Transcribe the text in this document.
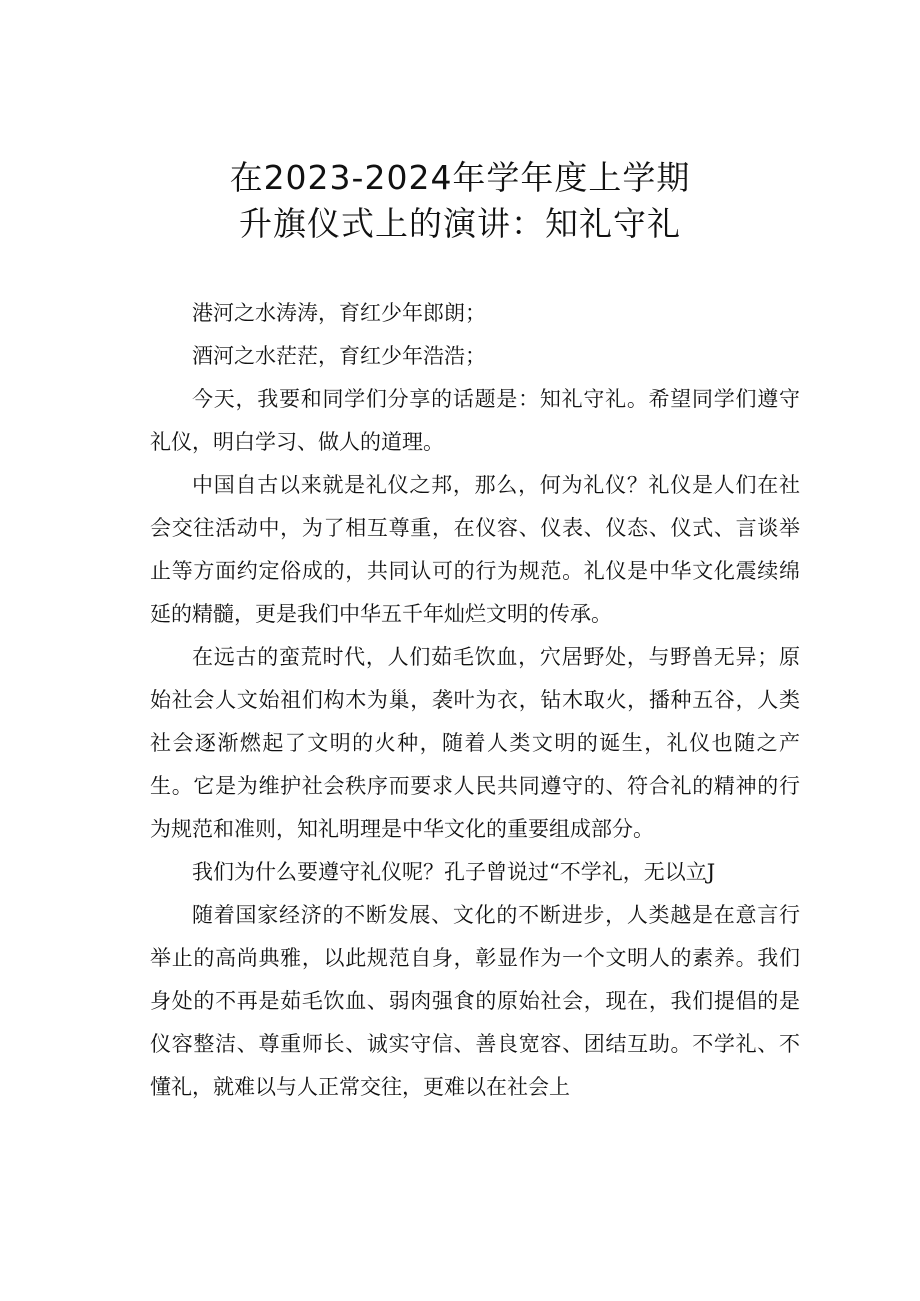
在2023-2024年学年度上学期
升旗仪式上的演讲：知礼守礼

港河之水涛涛，育红少年郎朗；

酒河之水茫茫，育红少年浩浩；

今天，我要和同学们分享的话题是：知礼守礼。希望同学们遵守礼仪，明白学习、做人的道理。

中国自古以来就是礼仪之邦，那么，何为礼仪？礼仪是人们在社会交往活动中，为了相互尊重，在仪容、仪表、仪态、仪式、言谈举止等方面约定俗成的，共同认可的行为规范。礼仪是中华文化震续绵延的精髓，更是我们中华五千年灿烂文明的传承。

在远古的蛮荒时代，人们茹毛饮血，穴居野处，与野兽无异；原始社会人文始祖们构木为巢，袭叶为衣，钻木取火，播种五谷，人类社会逐渐燃起了文明的火种，随着人类文明的诞生，礼仪也随之产生。它是为维护社会秩序而要求人民共同遵守的、符合礼的精神的行为规范和准则，知礼明理是中华文化的重要组成部分。

我们为什么要遵守礼仪呢？孔子曾说过“不学礼，无以立J

随着国家经济的不断发展、文化的不断进步，人类越是在意言行举止的高尚典雅，以此规范自身，彰显作为一个文明人的素养。我们身处的不再是茹毛饮血、弱肉强食的原始社会，现在，我们提倡的是仪容整洁、尊重师长、诚实守信、善良宽容、团结互助。不学礼、不懂礼，就难以与人正常交往，更难以在社会上
